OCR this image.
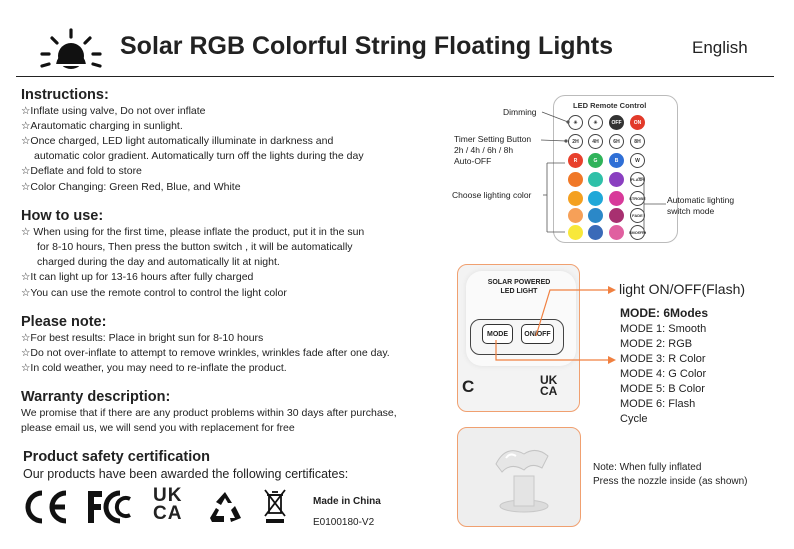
Solar RGB Colorful String Floating Lights	English
Instructions:
☆Inflate using valve, Do not over inflate
☆Arautomatic charging in sunlight.
☆Once charged, LED light automatically illuminate in darkness and
automatic color gradient. Automatically turn off the lights during the day
☆Deflate and fold to store
☆Color Changing: Green Red, Blue, and White
How to use:
☆ When using for the first time, please inflate the product, put it in the sun
for 8-10 hours, Then press the button switch , it will be automatically
charged during the day and automatically lit at night.
☆It can light up for 13-16 hours after fully charged
☆You can use the remote control to control the light color
Please note:
☆For best results: Place in bright sun for 8-10 hours
☆Do not over-inflate to attempt to remove wrinkles, wrinkles fade after one day.
☆In cold weather, you may need to re-inflate the product.
Warranty description:
We promise that if there are any product problems within 30 days after purchase,
please email us, we will send you with replacement for free
Product safety certification
Our products have been awarded the following certificates:
UK
CA
Made in China
E0100180-V2
LED Remote Control
☀	☀	OFF	ON
2H	4H	6H	8H
R	G	B	W
FLASH
STROBE
FADE
SMOOTH
Dimming
Timer Setting Button
2h / 4h / 6h / 8h
Auto-OFF
Choose lighting color	Automatic lighting
switch mode
SOLAR POWERED
LED LIGHT
MODE	ON/OFF
C	UK
CA
light ON/OFF(Flash)
MODE: 6Modes
MODE 1: Smooth
MODE 2: RGB
MODE 3: R Color
MODE 4: G Color
MODE 5: B Color
MODE 6: Flash
Cycle
Note: When fully inflated
Press the nozzle inside (as shown)
